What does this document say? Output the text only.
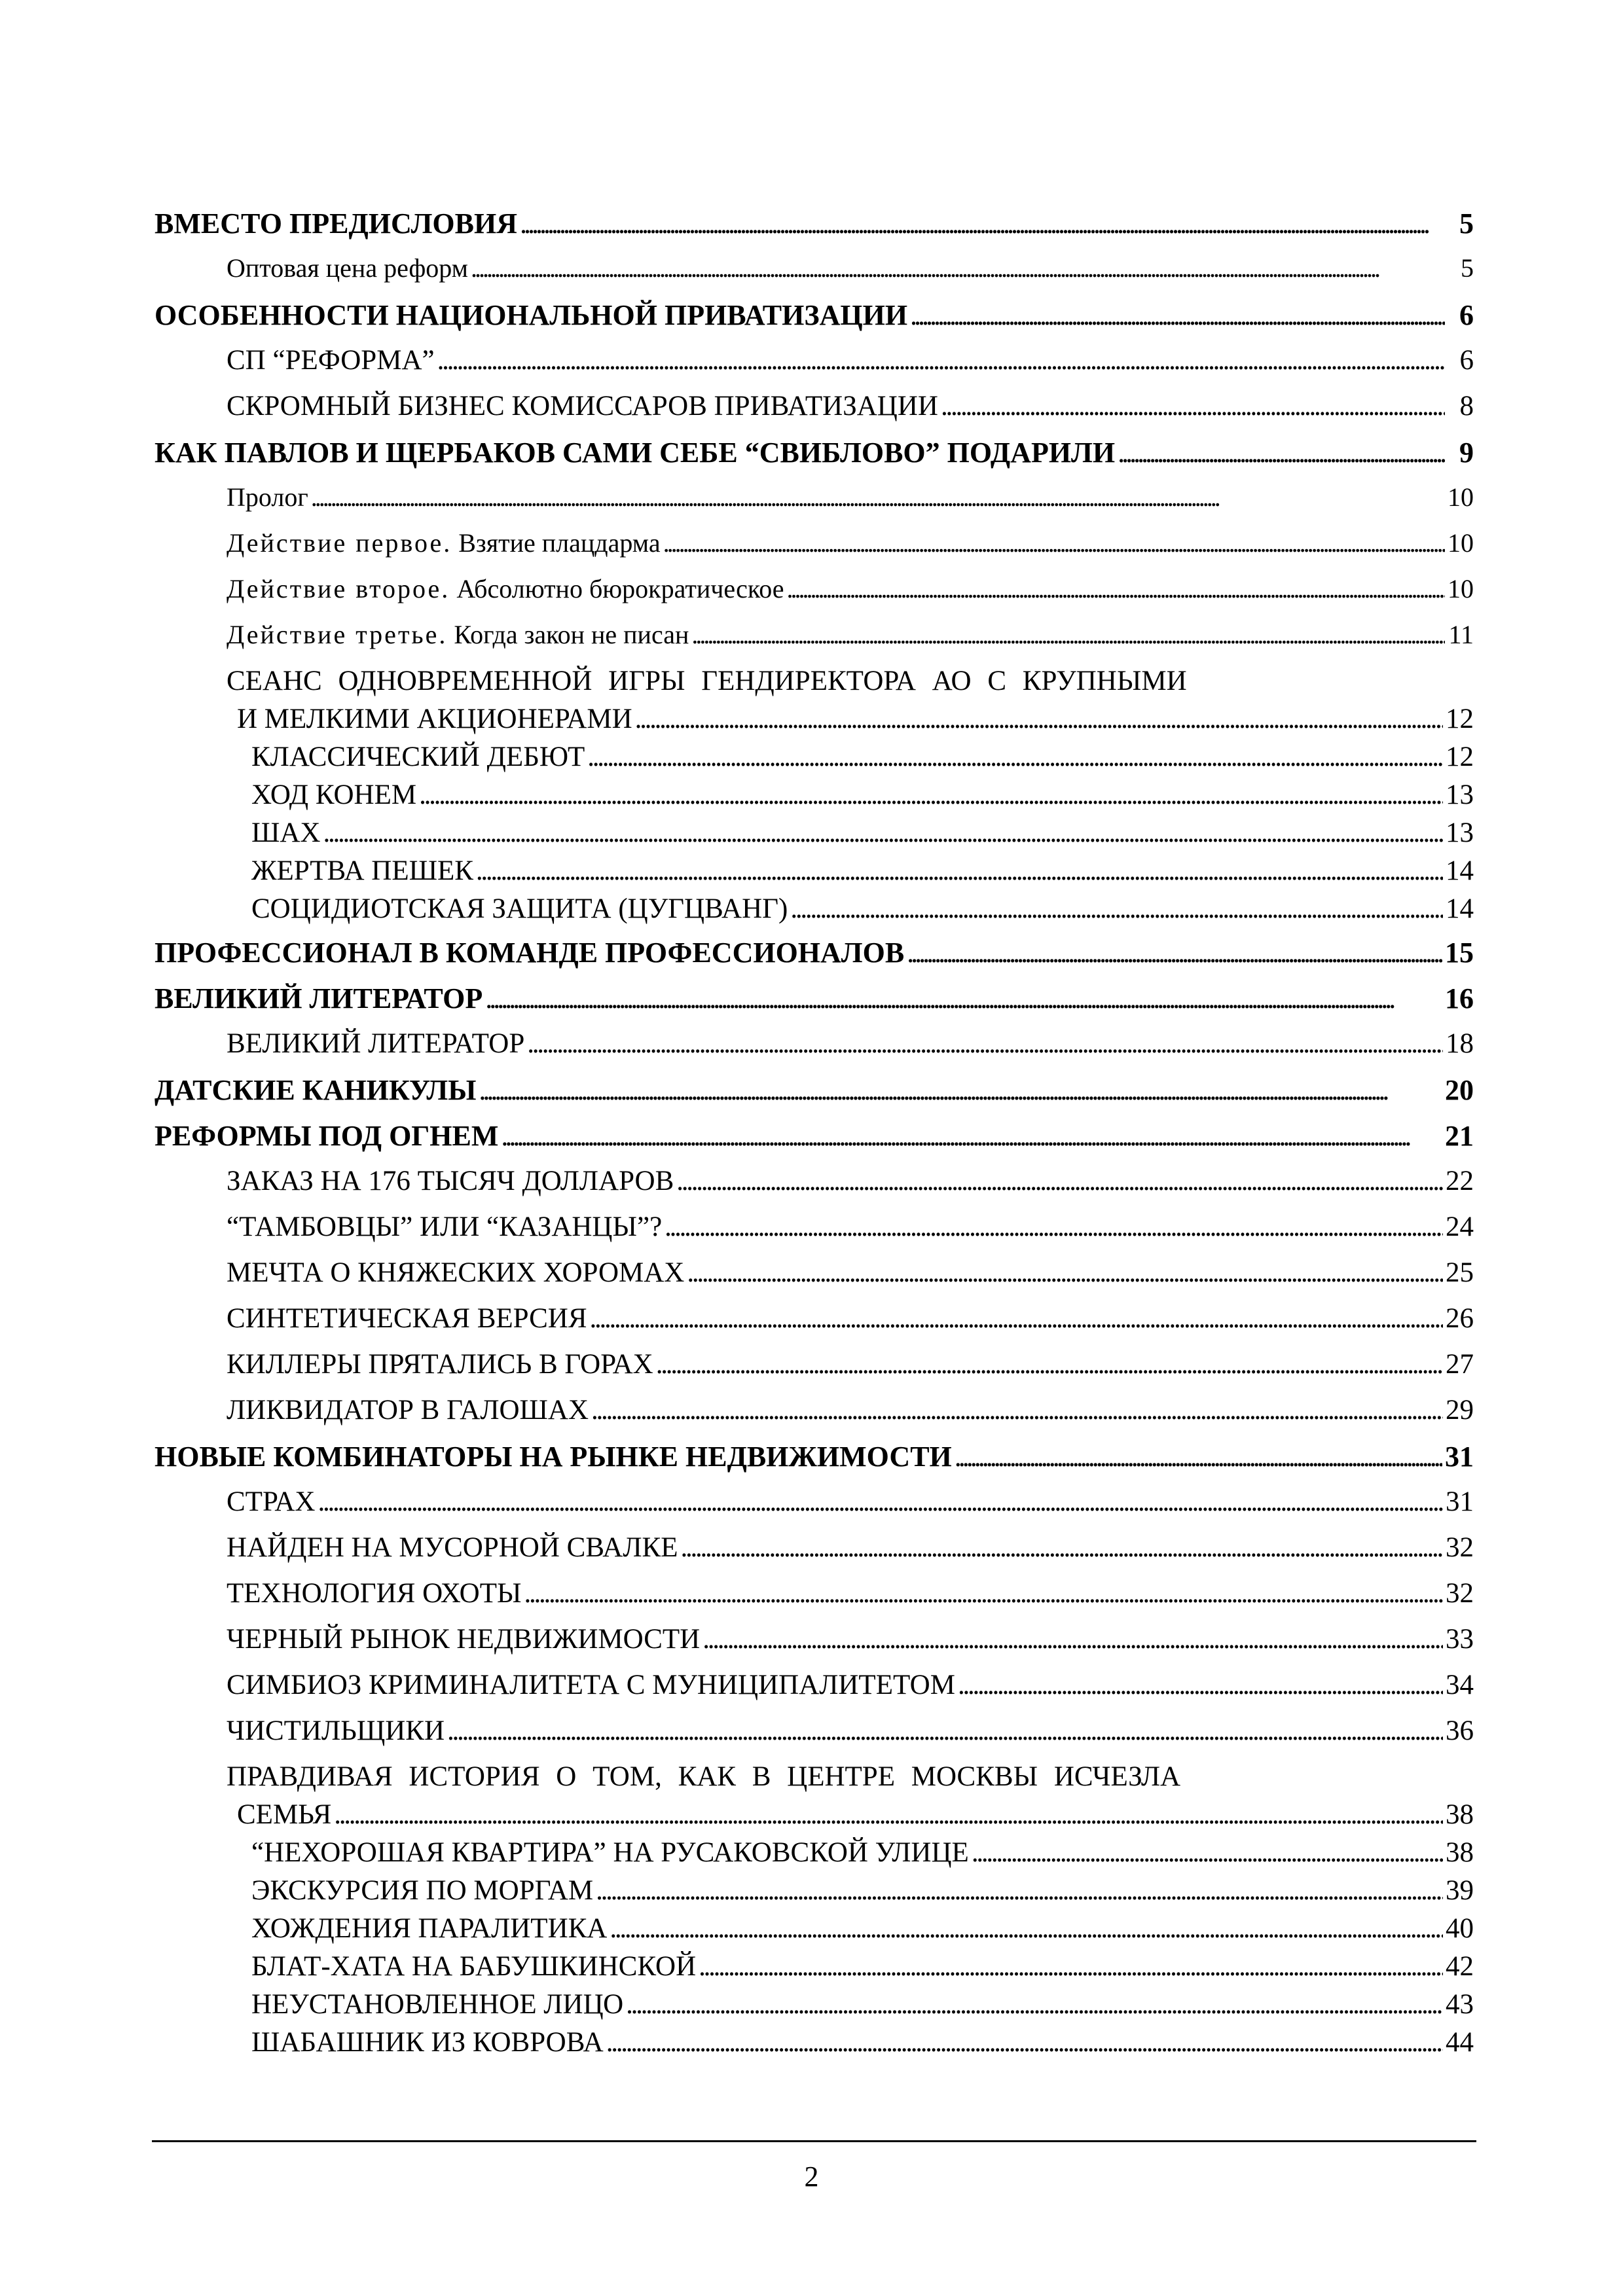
ВМЕСТО ПРЕДИСЛОВИЯ . . .	5
Оптовая цена реформ . . .	5
ОСОБЕННОСТИ НАЦИОНАЛЬНОЙ ПРИВАТИЗАЦИИ . . .	6
СП “РЕФОРМА” . . .	6
СКРОМНЫЙ БИЗНЕС КОМИССАРОВ ПРИВАТИЗАЦИИ . . .	8
КАК ПАВЛОВ И ЩЕРБАКОВ САМИ СЕБЕ “СВИБЛОВО” ПОДАРИЛИ . . .	9
Пролог . . .	10
Действие первое. Взятие плацдарма . . .	10
Действие второе. Абсолютно бюрократическое . . .	10
Действие третье. Когда закон не писан . . .	11
СЕАНС ОДНОВРЕМЕННОЙ ИГРЫ ГЕНДИРЕКТОРА АО С КРУПНЫМИ
И МЕЛКИМИ АКЦИОНЕРАМИ . . .	12
КЛАССИЧЕСКИЙ ДЕБЮТ . . .	12
ХОД КОНЕМ . . .	13
ШАХ . . .	13
ЖЕРТВА ПЕШЕК . . .	14
СОЦИДИОТСКАЯ ЗАЩИТА (ЦУГЦВАНГ) . . .	14
ПРОФЕССИОНАЛ В КОМАНДЕ ПРОФЕССИОНАЛОВ . . .	15
ВЕЛИКИЙ ЛИТЕРАТОР . . .	16
ВЕЛИКИЙ ЛИТЕРАТОР . . .	18
ДАТСКИЕ КАНИКУЛЫ . . .	20
РЕФОРМЫ ПОД ОГНЕМ . . .	21
ЗАКАЗ НА 176 ТЫСЯЧ ДОЛЛАРОВ . . .	22
“ТАМБОВЦЫ” ИЛИ “КАЗАНЦЫ”? . . .	24
МЕЧТА О КНЯЖЕСКИХ ХОРОМАХ . . .	25
СИНТЕТИЧЕСКАЯ ВЕРСИЯ . . .	26
КИЛЛЕРЫ ПРЯТАЛИСЬ В ГОРАХ . . .	27
ЛИКВИДАТОР В ГАЛОШАХ . . .	29
НОВЫЕ КОМБИНАТОРЫ НА РЫНКЕ НЕДВИЖИМОСТИ . . .	31
СТРАХ . . .	31
НАЙДЕН НА МУСОРНОЙ СВАЛКЕ . . .	32
ТЕХНОЛОГИЯ ОХОТЫ . . .	32
ЧЕРНЫЙ РЫНОК НЕДВИЖИМОСТИ . . .	33
СИМБИОЗ КРИМИНАЛИТЕТА С МУНИЦИПАЛИТЕТОМ . . .	34
ЧИСТИЛЬЩИКИ . . .	36
ПРАВДИВАЯ ИСТОРИЯ О ТОМ, КАК В ЦЕНТРЕ МОСКВЫ ИСЧЕЗЛА
СЕМЬЯ . . .	38
“НЕХОРОШАЯ КВАРТИРА” НА РУСАКОВСКОЙ УЛИЦЕ . . .	38
ЭКСКУРСИЯ ПО МОРГАМ . . .	39
ХОЖДЕНИЯ ПАРАЛИТИКА . . .	40
БЛАТ-ХАТА НА БАБУШКИНСКОЙ . . .	42
НЕУСТАНОВЛЕННОЕ ЛИЦО . . .	43
ШАБАШНИК ИЗ КОВРОВА . . .	44
2
